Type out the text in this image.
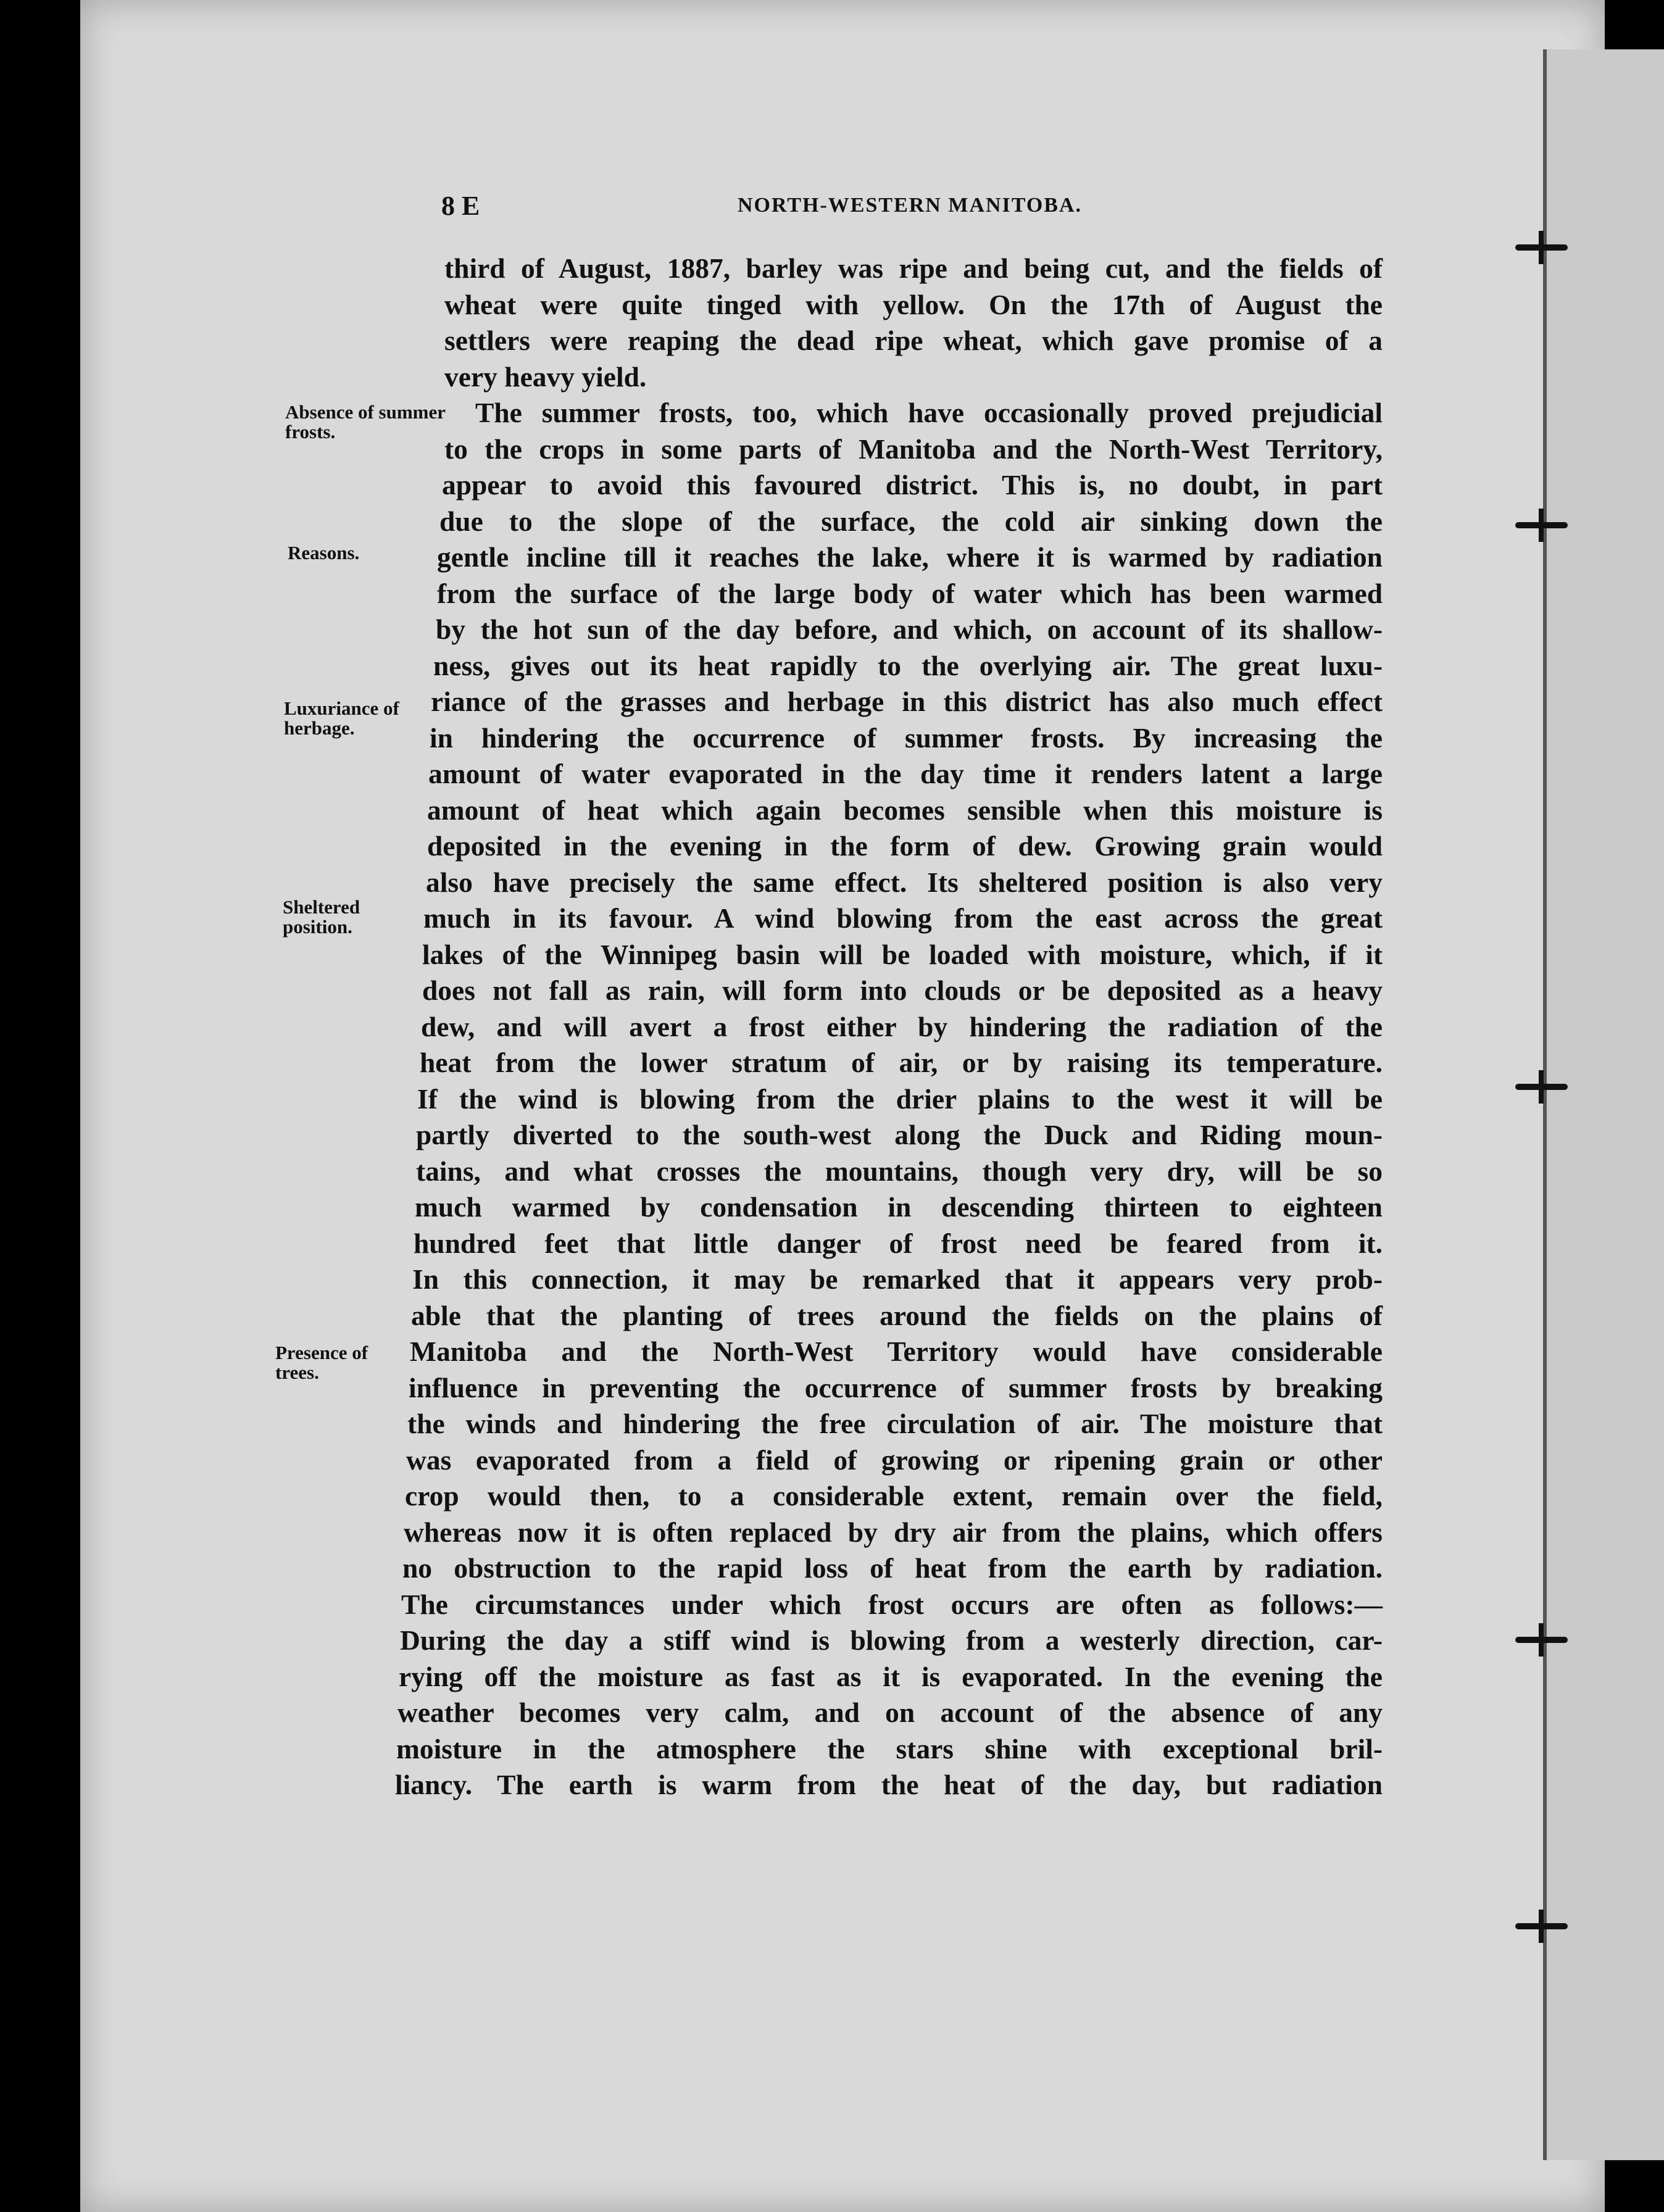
8 E	NORTH-WESTERN MANITOBA.
Absence of summer frosts.
Reasons.
Luxuriance of herbage.
Sheltered position.
Presence of trees.
third of August, 1887, barley was ripe and being cut, and the fields of
wheat were quite tinged with yellow. On the 17th of August the
settlers were reaping the dead ripe wheat, which gave promise of a
very heavy yield.
The summer frosts, too, which have occasionally proved prejudicial
to the crops in some parts of Manitoba and the North-West Territory,
appear to avoid this favoured district. This is, no doubt, in part
due to the slope of the surface, the cold air sinking down the
gentle incline till it reaches the lake, where it is warmed by radiation
from the surface of the large body of water which has been warmed
by the hot sun of the day before, and which, on account of its shallow-
ness, gives out its heat rapidly to the overlying air. The great luxu-
riance of the grasses and herbage in this district has also much effect
in hindering the occurrence of summer frosts. By increasing the
amount of water evaporated in the day time it renders latent a large
amount of heat which again becomes sensible when this moisture is
deposited in the evening in the form of dew. Growing grain would
also have precisely the same effect. Its sheltered position is also very
much in its favour. A wind blowing from the east across the great
lakes of the Winnipeg basin will be loaded with moisture, which, if it
does not fall as rain, will form into clouds or be deposited as a heavy
dew, and will avert a frost either by hindering the radiation of the
heat from the lower stratum of air, or by raising its temperature.
If the wind is blowing from the drier plains to the west it will be
partly diverted to the south-west along the Duck and Riding moun-
tains, and what crosses the mountains, though very dry, will be so
much warmed by condensation in descending thirteen to eighteen
hundred feet that little danger of frost need be feared from it.
In this connection, it may be remarked that it appears very prob-
able that the planting of trees around the fields on the plains of
Manitoba and the North-West Territory would have considerable
influence in preventing the occurrence of summer frosts by breaking
the winds and hindering the free circulation of air. The moisture that
was evaporated from a field of growing or ripening grain or other
crop would then, to a considerable extent, remain over the field,
whereas now it is often replaced by dry air from the plains, which offers
no obstruction to the rapid loss of heat from the earth by radiation.
The circumstances under which frost occurs are often as follows:—
During the day a stiff wind is blowing from a westerly direction, car-
rying off the moisture as fast as it is evaporated. In the evening the
weather becomes very calm, and on account of the absence of any
moisture in the atmosphere the stars shine with exceptional bril-
liancy. The earth is warm from the heat of the day, but radiation
